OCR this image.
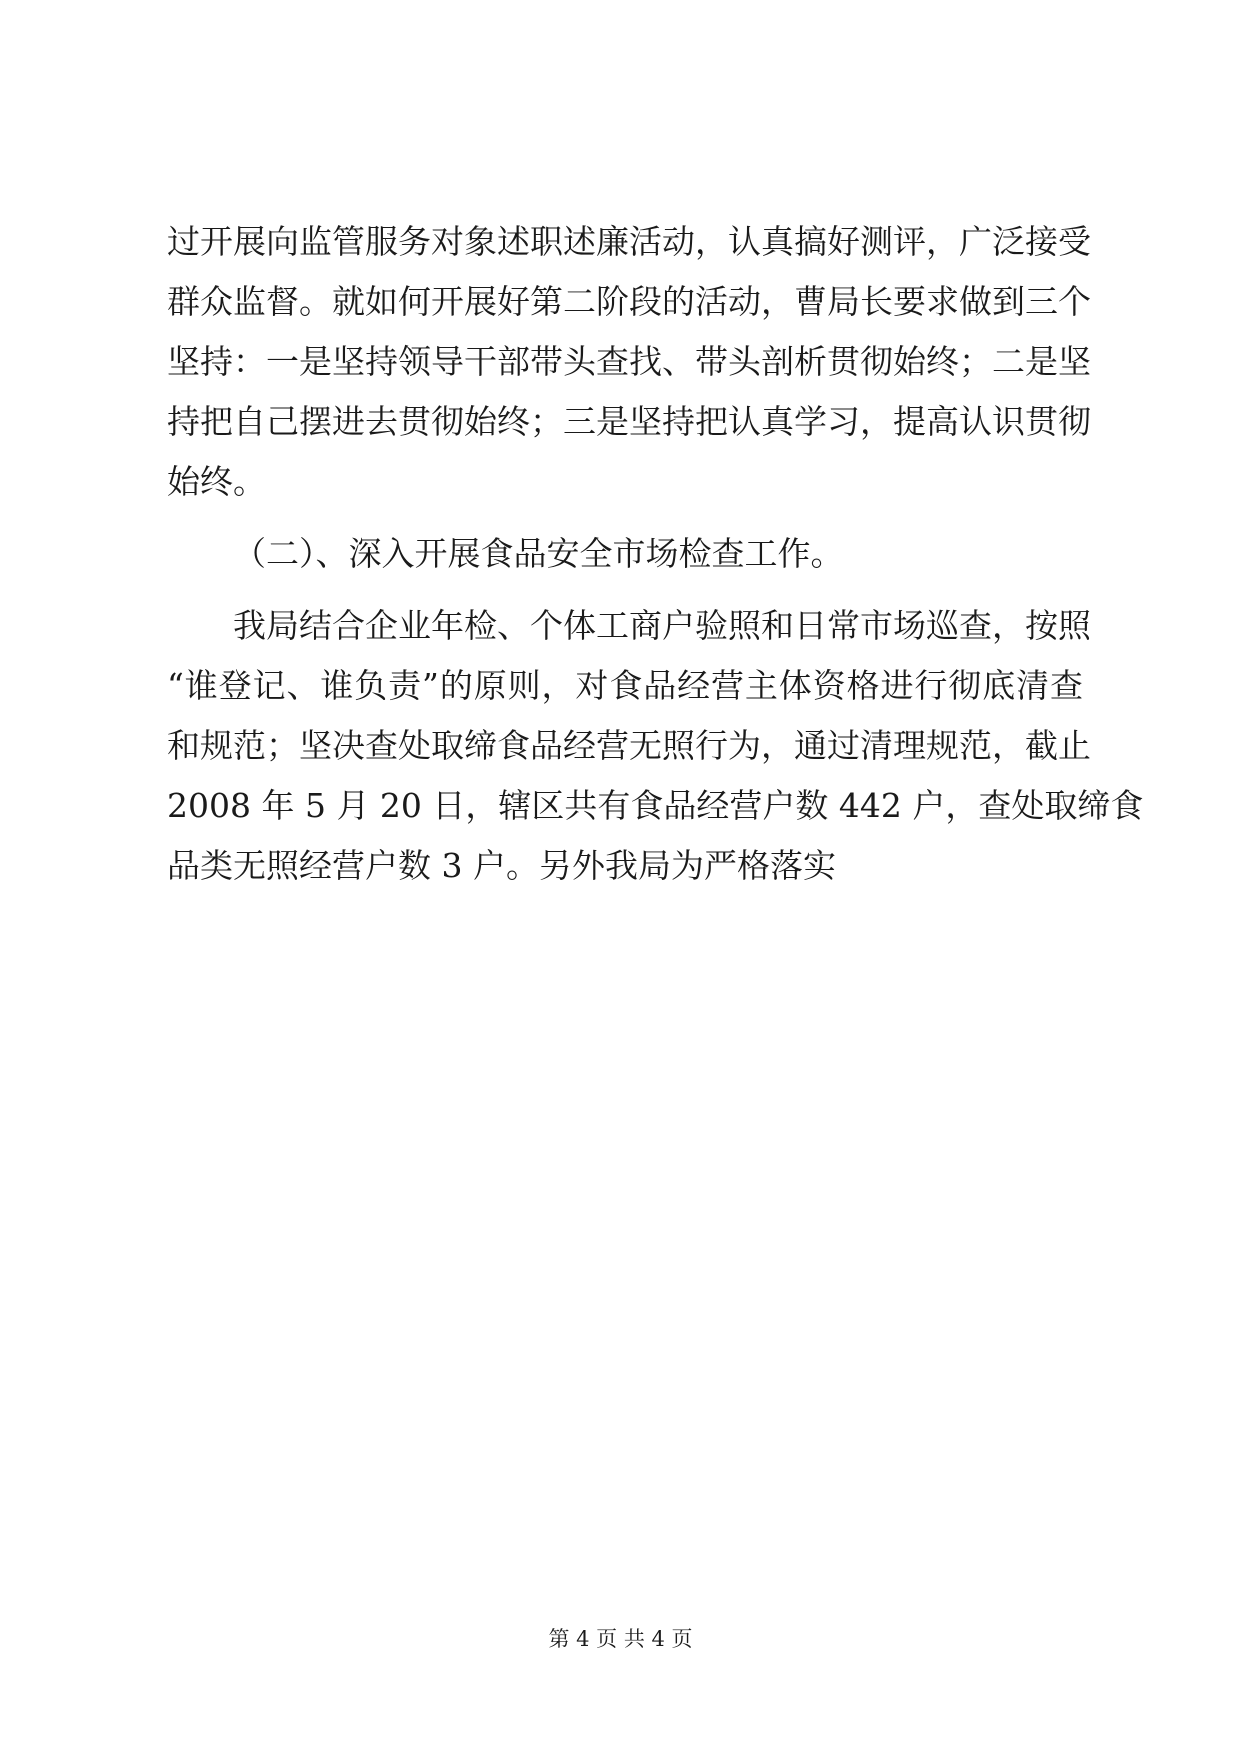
过开展向监管服务对象述职述廉活动，认真搞好测评，广泛接受
群众监督。就如何开展好第二阶段的活动，曹局长要求做到三个
坚持：一是坚持领导干部带头查找、带头剖析贯彻始终；二是坚
持把自己摆进去贯彻始终；三是坚持把认真学习，提高认识贯彻
始终。
（二）、深入开展食品安全市场检查工作。
我局结合企业年检、个体工商户验照和日常市场巡查，按照
“谁登记、谁负责”的原则，对食品经营主体资格进行彻底清查
和规范；坚决查处取缔食品经营无照行为，通过清理规范，截止
2008 年 5 月 20 日，辖区共有食品经营户数 442 户，查处取缔食
品类无照经营户数 3 户。另外我局为严格落实
第 4 页 共 4 页
